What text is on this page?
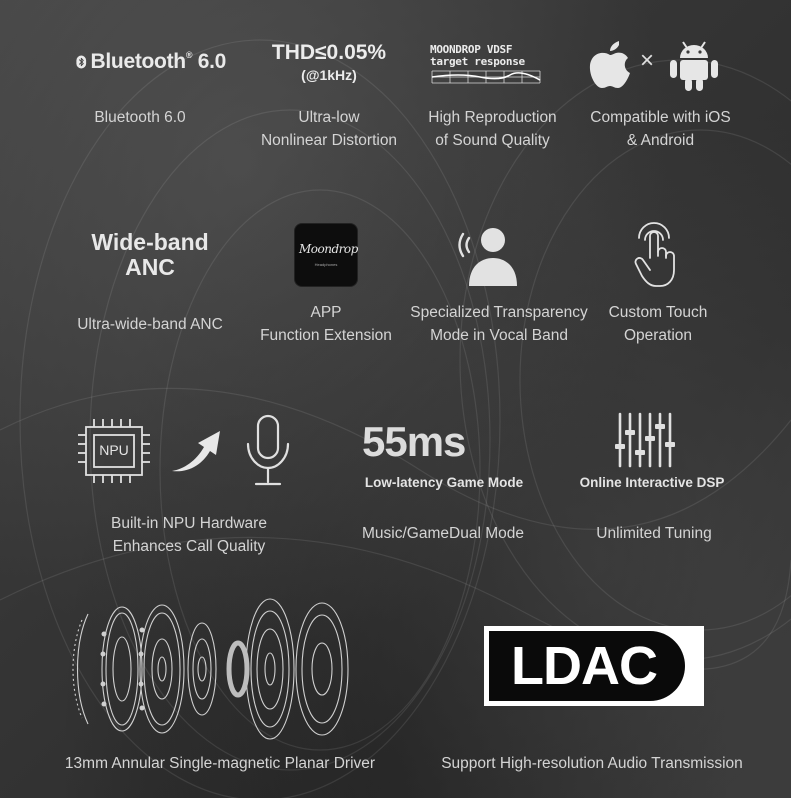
Bluetooth® 6.0
Bluetooth 6.0
THD≤0.05%
(@1kHz)
Ultra-low
Nonlinear Distortion
MOONDROP VDSF
target response
High Reproduction
of Sound Quality
×
Compatible with iOS
& Android
Wide-band
ANC
Ultra-wide-band ANC
Moondrop
Headphones
APP
Function Extension
Specialized Transparency
Mode in Vocal Band
Custom Touch
Operation
NPU
Built-in NPU Hardware
Enhances Call Quality
55ms
Low-latency Game Mode
Music/GameDual Mode
Online Interactive DSP
Unlimited Tuning
13mm Annular Single-magnetic Planar Driver
LDAC
Support High-resolution Audio Transmission
